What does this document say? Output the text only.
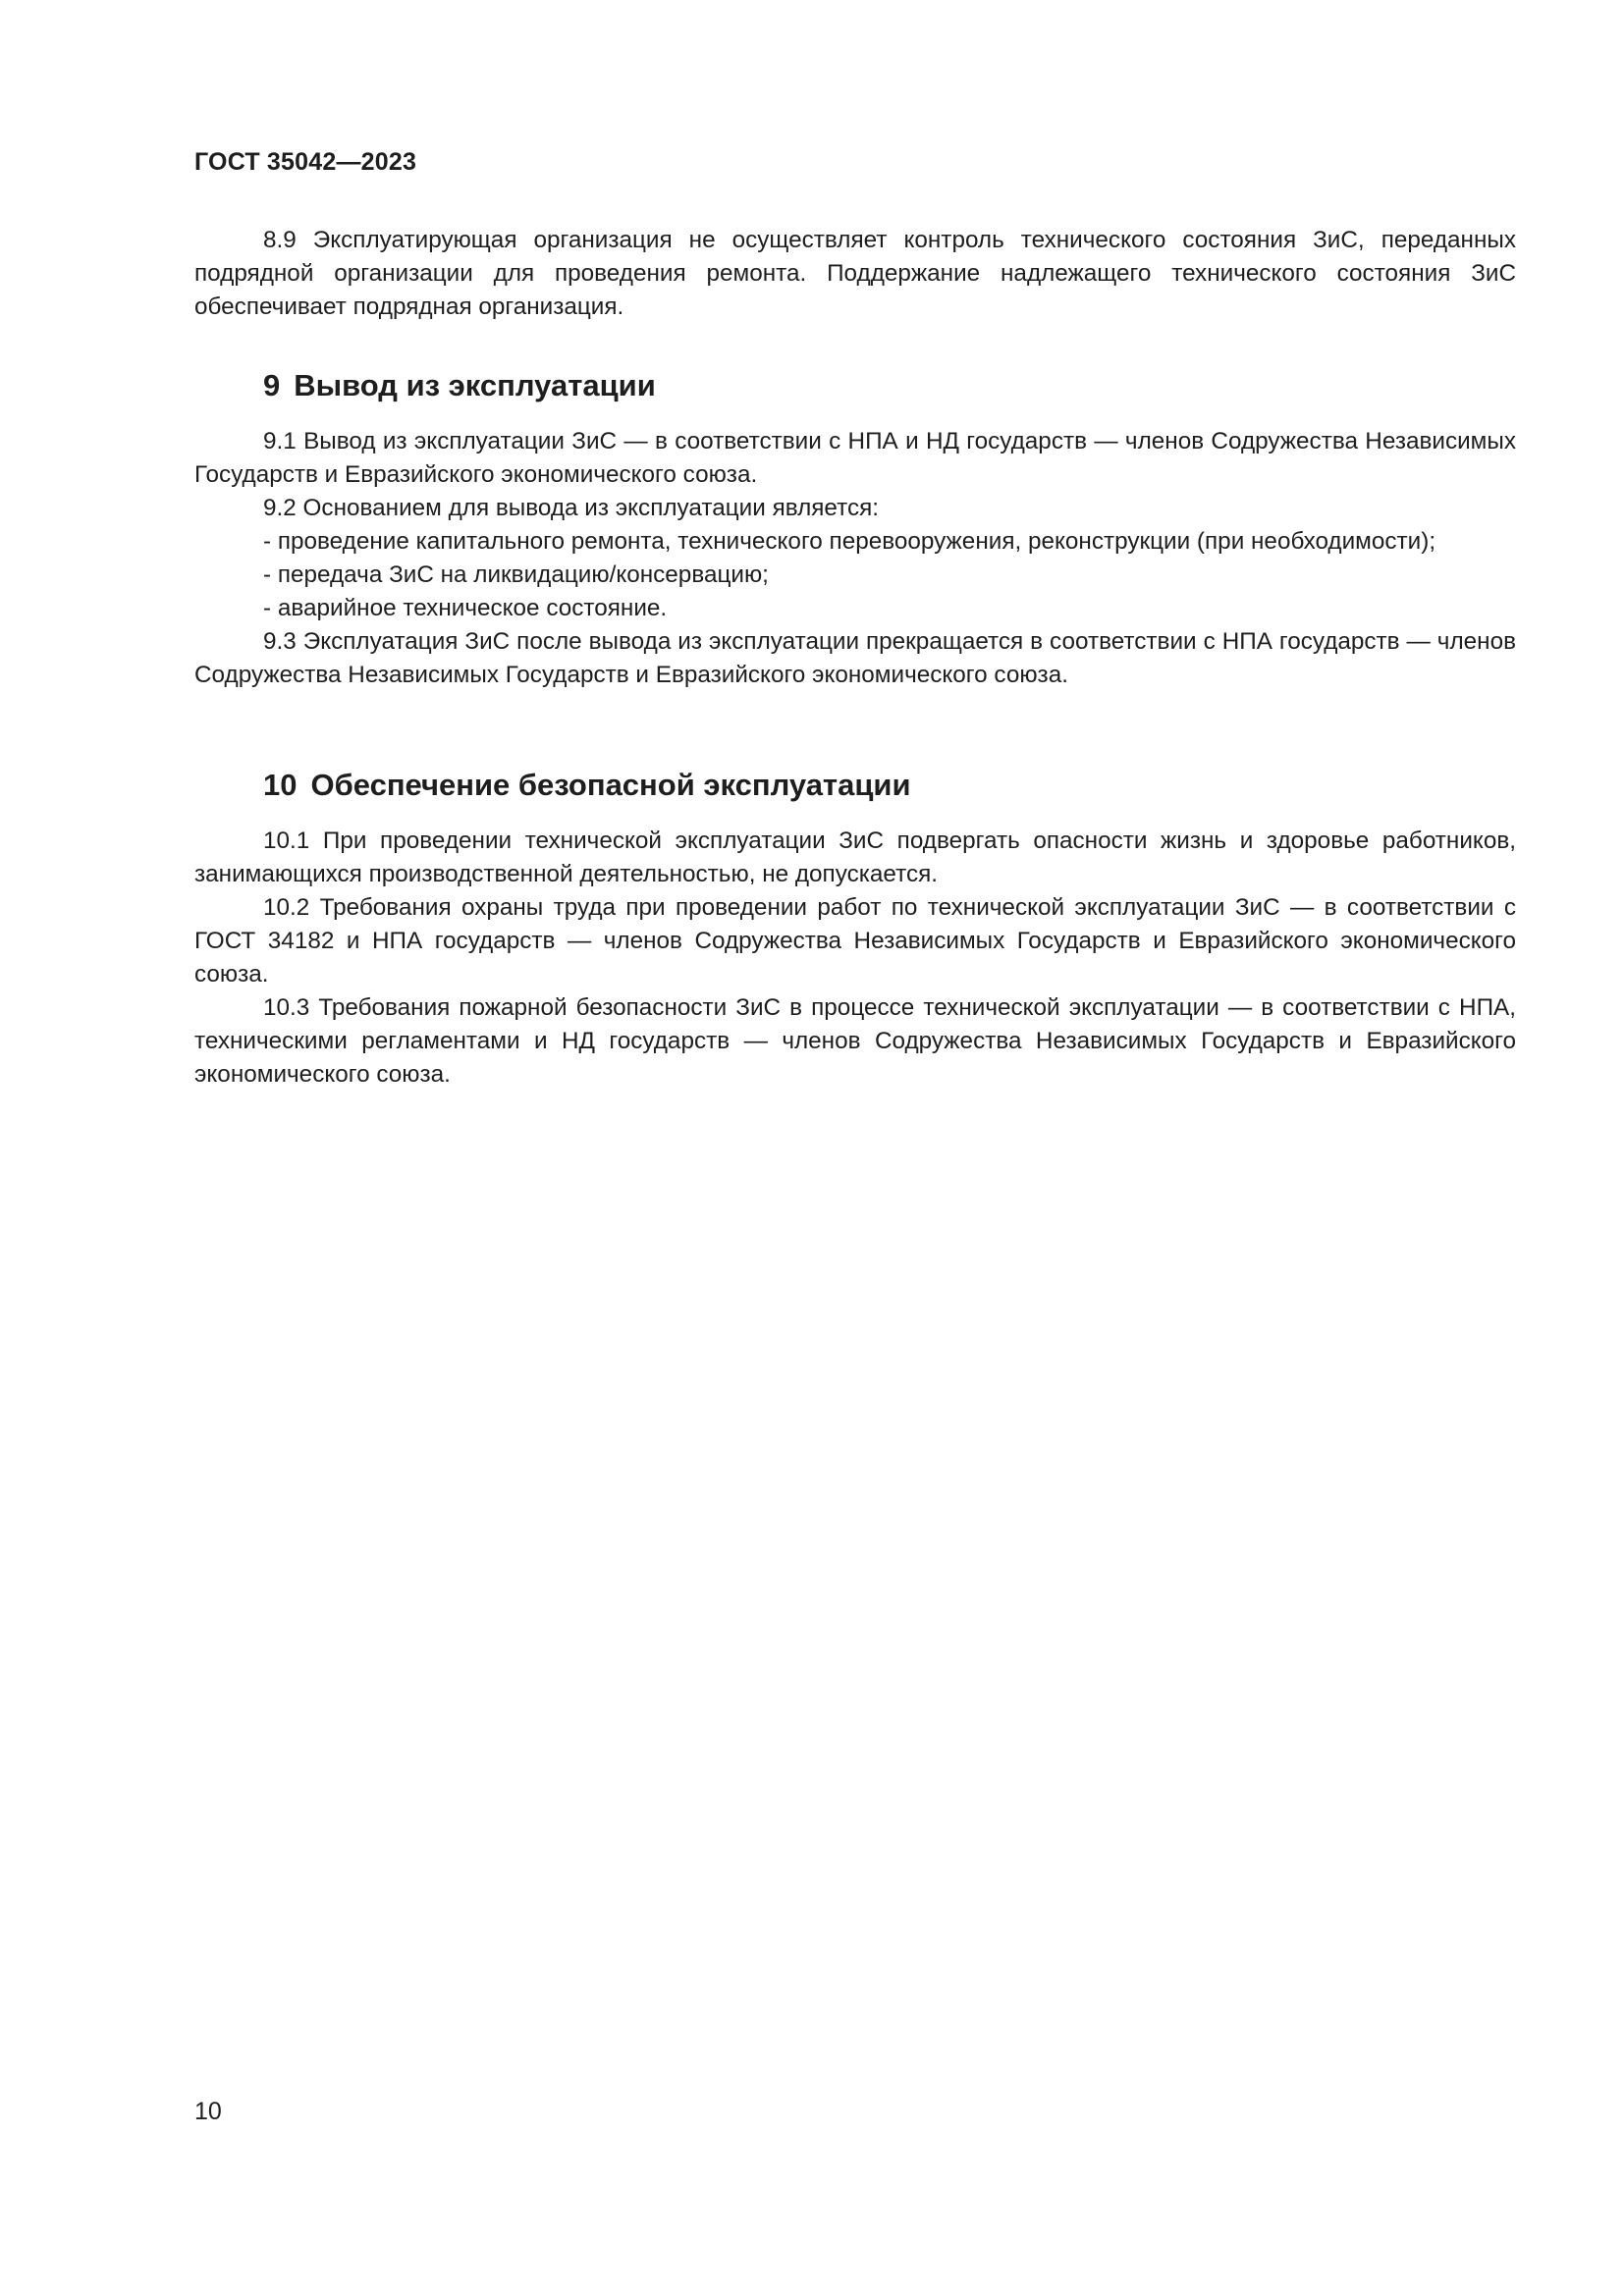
ГОСТ 35042—2023

8.9 Эксплуатирующая организация не осуществляет контроль технического состояния ЗиС, переданных подрядной организации для проведения ремонта. Поддержание надлежащего технического состояния ЗиС обеспечивает подрядная организация.

9 Вывод из эксплуатации

9.1 Вывод из эксплуатации ЗиС — в соответствии с НПА и НД государств — членов Содружества Независимых Государств и Евразийского экономического союза.

9.2 Основанием для вывода из эксплуатации является:

- проведение капитального ремонта, технического перевооружения, реконструкции (при необходимости);

- передача ЗиС на ликвидацию/консервацию;

- аварийное техническое состояние.

9.3 Эксплуатация ЗиС после вывода из эксплуатации прекращается в соответствии с НПА государств — членов Содружества Независимых Государств и Евразийского экономического союза.

10 Обеспечение безопасной эксплуатации

10.1 При проведении технической эксплуатации ЗиС подвергать опасности жизнь и здоровье работников, занимающихся производственной деятельностью, не допускается.

10.2 Требования охраны труда при проведении работ по технической эксплуатации ЗиС — в соответствии с ГОСТ 34182 и НПА государств — членов Содружества Независимых Государств и Евразийского экономического союза.

10.3 Требования пожарной безопасности ЗиС в процессе технической эксплуатации — в соответствии с НПА, техническими регламентами и НД государств — членов Содружества Независимых Государств и Евразийского экономического союза.

10
